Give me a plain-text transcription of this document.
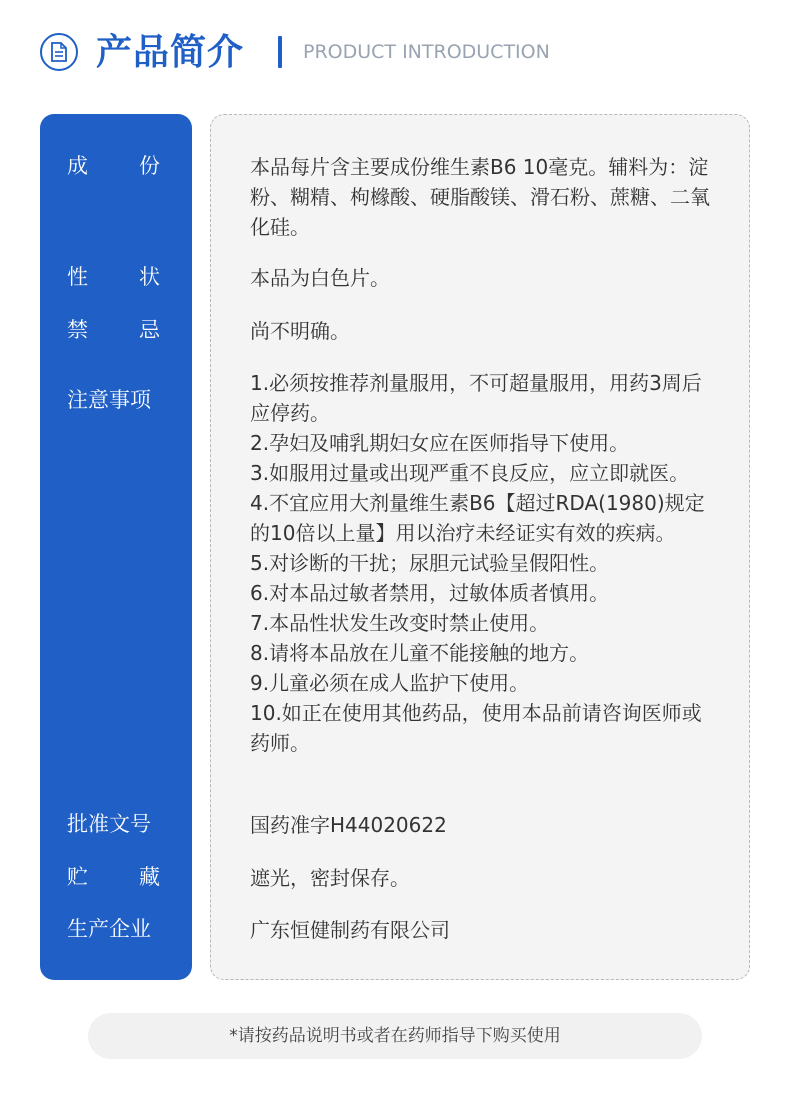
产品简介	PRODUCT INTRODUCTION
成 份
性 状
禁 忌
注意事项
批准文号
贮 藏
生产企业

本品每片含主要成份维生素B6 10毫克。辅料为：淀粉、糊精、枸橼酸、硬脂酸镁、滑石粉、蔗糖、二氧化硅。

本品为白色片。

尚不明确。

1.必须按推荐剂量服用，不可超量服用，用药3周后应停药。
2.孕妇及哺乳期妇女应在医师指导下使用。
3.如服用过量或出现严重不良反应，应立即就医。
4.不宜应用大剂量维生素B6【超过RDA(1980)规定的10倍以上量】用以治疗未经证实有效的疾病。
5.对诊断的干扰；尿胆元试验呈假阳性。
6.对本品过敏者禁用，过敏体质者慎用。
7.本品性状发生改变时禁止使用。
8.请将本品放在儿童不能接触的地方。
9.儿童必须在成人监护下使用。
10.如正在使用其他药品，使用本品前请咨询医师或药师。

国药准字H44020622

遮光，密封保存。

广东恒健制药有限公司

*请按药品说明书或者在药师指导下购买使用
